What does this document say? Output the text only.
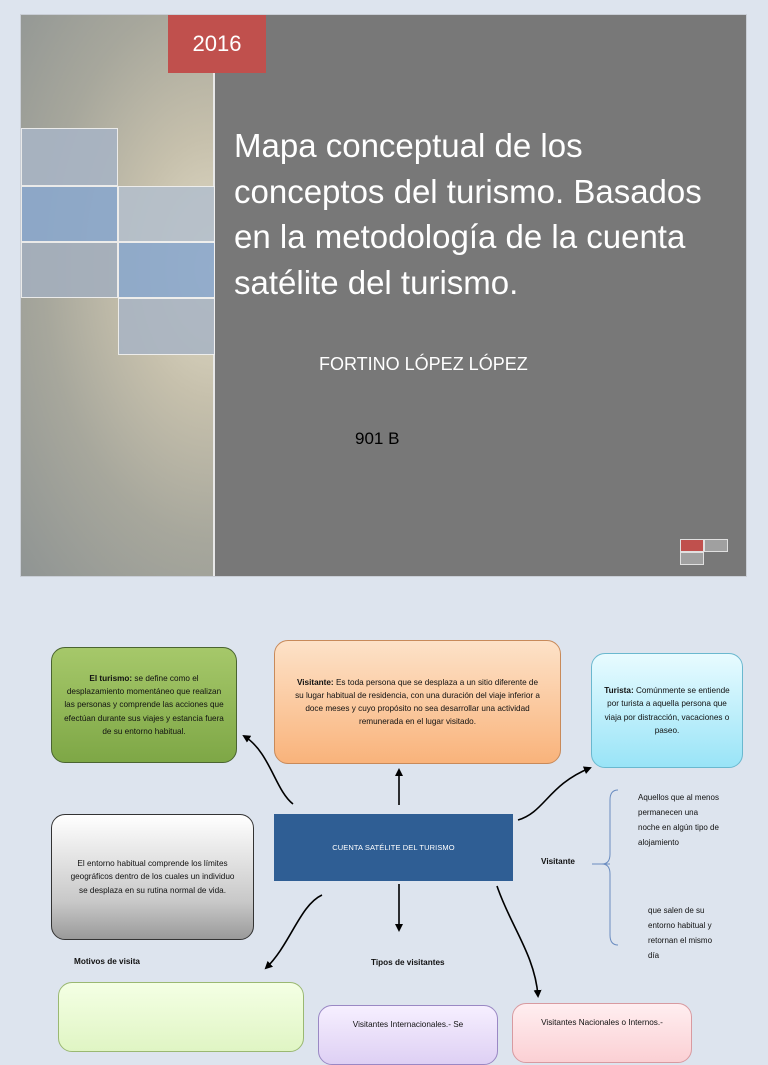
2016
Mapa conceptual de los conceptos del turismo. Basados en la metodología de la cuenta satélite del turismo.
FORTINO LÓPEZ LÓPEZ
901 B

El turismo: se define como el desplazamiento momentáneo que realizan las personas y comprende las acciones que efectúan durante sus viajes y estancia fuera de su entorno habitual.

Visitante: Es toda persona que se desplaza a un sitio diferente de su lugar habitual de residencia, con una duración del viaje inferior a doce meses y cuyo propósito no sea desarrollar una actividad remunerada en el lugar visitado.

Turista: Comúnmente se entiende por turista a aquella persona que viaja por distracción, vacaciones o paseo.

CUENTA SATÉLITE DEL TURISMO

El entorno habitual comprende los límites geográficos dentro de los cuales un individuo se desplaza en su rutina normal de vida.

Visitante
Aquellos que al menos permanecen una noche en algún tipo de alojamiento
que salen de su entorno habitual y retornan el mismo día
Motivos de visita	Tipos de visitantes

Visitantes Internacionales.- Se	Visitantes Nacionales o Internos.-
